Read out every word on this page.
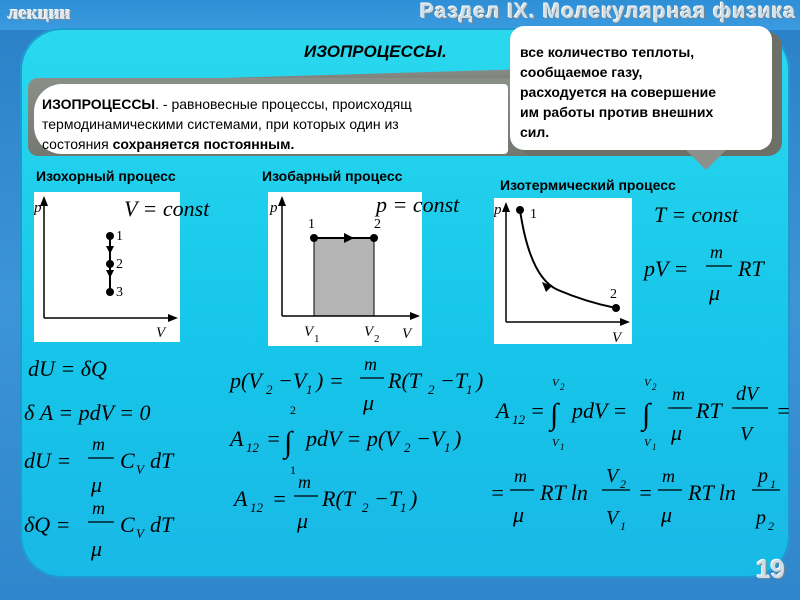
лекции	Раздел IX. Молекулярная физика
ИЗОПРОЦЕССЫ.
ИЗОПРОЦЕССЫ. - равновесные процессы, происходящ
термодинамическими системами, при которых один из
состояния сохраняется постоянным.
все количество теплоты,
сообщаемое газу,
расходуется на совершение
им работы против внешних
сил.
Изохорный процесс	Изобарный процесс
Изотермический процесс
p
V
1
2
3
V = const	p
V
1	2
V 1	V 2
p = const p
V
1
2
T = const
pV =
m
μ
RT
dU = δQ
δ A = pdV = 0
dU =
m
μ
C V dT
δQ =
m
μ
C V dT
p(V 2 −V 1 ) =
m
μ
R(T 2 −T
1 )
A 12 = ∫
2
1
pdV = p(V 2 −V 1 )
A 12 =
m
μ
R(T 2 −T
1 )
A 12 = ∫
V 2
V 1
pdV = ∫
V 2
V 1
m
μ
RT
dV
V
=
=
m
μ
RT ln
V 2
V 1
=
m
μ
RT ln
p 1
p 2
19
